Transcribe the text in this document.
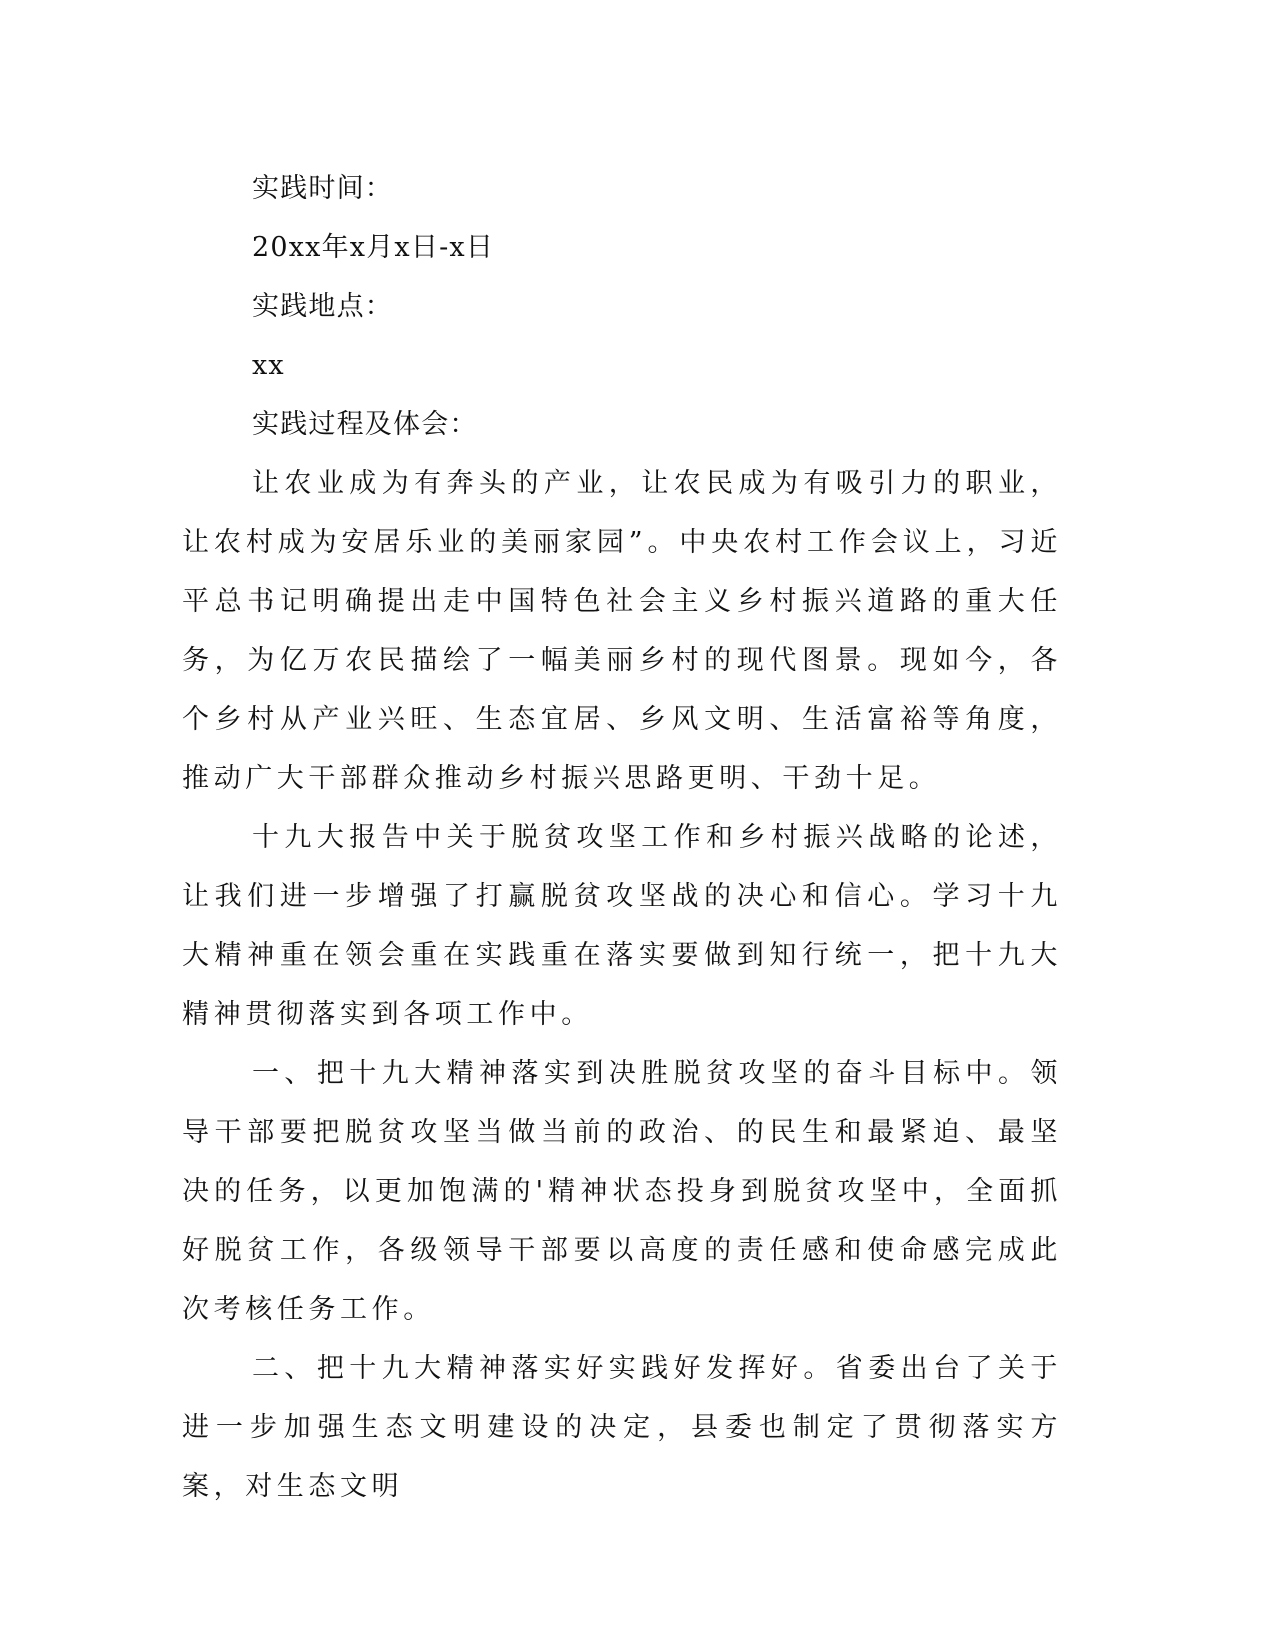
实践时间：
20xx年x月x日-x日
实践地点：
xx
实践过程及体会：

让农业成为有奔头的产业，让农民成为有吸引力的职业，让农村成为安居乐业的美丽家园”。中央农村工作会议上，习近平总书记明确提出走中国特色社会主义乡村振兴道路的重大任务，为亿万农民描绘了一幅美丽乡村的现代图景。现如今，各个乡村从产业兴旺、生态宜居、乡风文明、生活富裕等角度，推动广大干部群众推动乡村振兴思路更明、干劲十足。

十九大报告中关于脱贫攻坚工作和乡村振兴战略的论述，让我们进一步增强了打赢脱贫攻坚战的决心和信心。学习十九大精神重在领会重在实践重在落实要做到知行统一，把十九大精神贯彻落实到各项工作中。

一、把十九大精神落实到决胜脱贫攻坚的奋斗目标中。领导干部要把脱贫攻坚当做当前的政治、的民生和最紧迫、最坚决的任务，以更加饱满的'精神状态投身到脱贫攻坚中，全面抓好脱贫工作，各级领导干部要以高度的责任感和使命感完成此次考核任务工作。

二、把十九大精神落实好实践好发挥好。省委出台了关于进一步加强生态文明建设的决定，县委也制定了贯彻落实方案，对生态文明
